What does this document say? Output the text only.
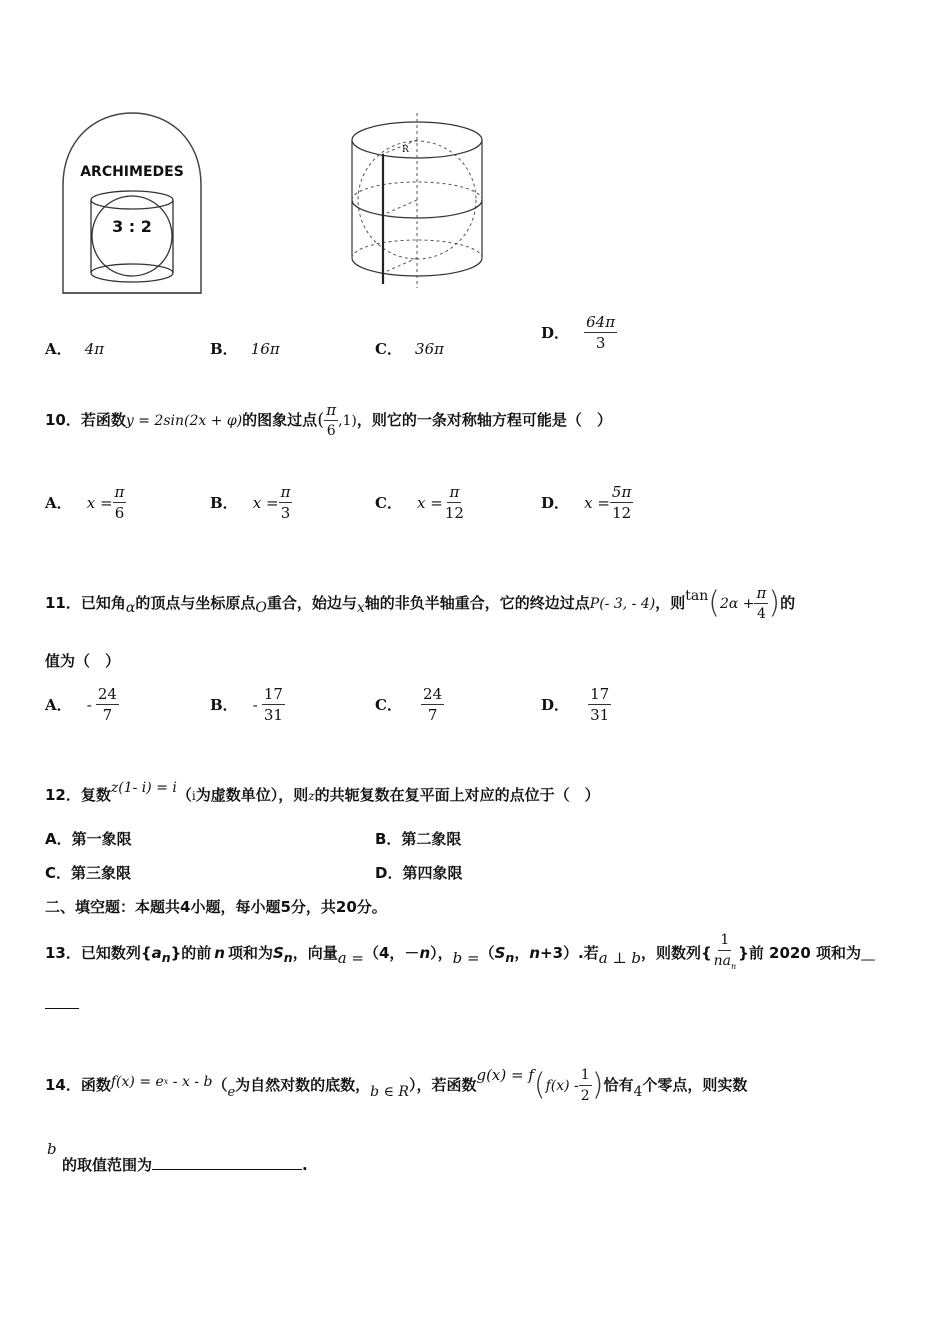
ARCHIMEDES
3 : 2
R
A． 4π	B． 16π	C． 36π
D． $\frac{64\pi}{3}$
10．若函数y = 2sin(2x + φ)的图象过点( $\frac{\pi}{6} ,1$)，则它的一条对称轴方程可能是（　）
A． $x = \frac{\pi}{6}$	B． $x = \frac{\pi}{3}$	C． $x = \frac{\pi}{12}$	D． $x = \frac{5\pi}{12}$
11．已知角α的顶点与坐标原点O重合，始边与x轴的非负半轴重合，它的终边过点P(- 3, - 4)，则$\tan(2\alpha + \frac{\pi}{4}$ )的
值为（　）
A． - $\frac{24}{7}$	B． - $\frac{17}{31}$	C． $\frac{24}{7}$	D． $\frac{17}{31}$
12．复数z(1- i) = i（i为虚数单位），则z的共轭复数在复平面上对应的点位于（　）
A．第一象限	B．第二象限
C．第三象限	D．第四象限
二、填空题：本题共4小题，每小题5分，共20分。
13．已知数列$\{a_n\}$的前 n 项和为$S_n$，向量a =（4，－n），$b =(S_n$，n+3）.若a ⊥ b，则数列{ $\frac{1}{na_n}$ }前 2020 项和为____
14．函数$f(x) = e^x - x - b(e$为自然对数的底数，b ∈ R），若函数$g(x) = f(f(x) - \frac{1}{2}$ )恰有4个零点，则实数
b
的取值范围为	.
